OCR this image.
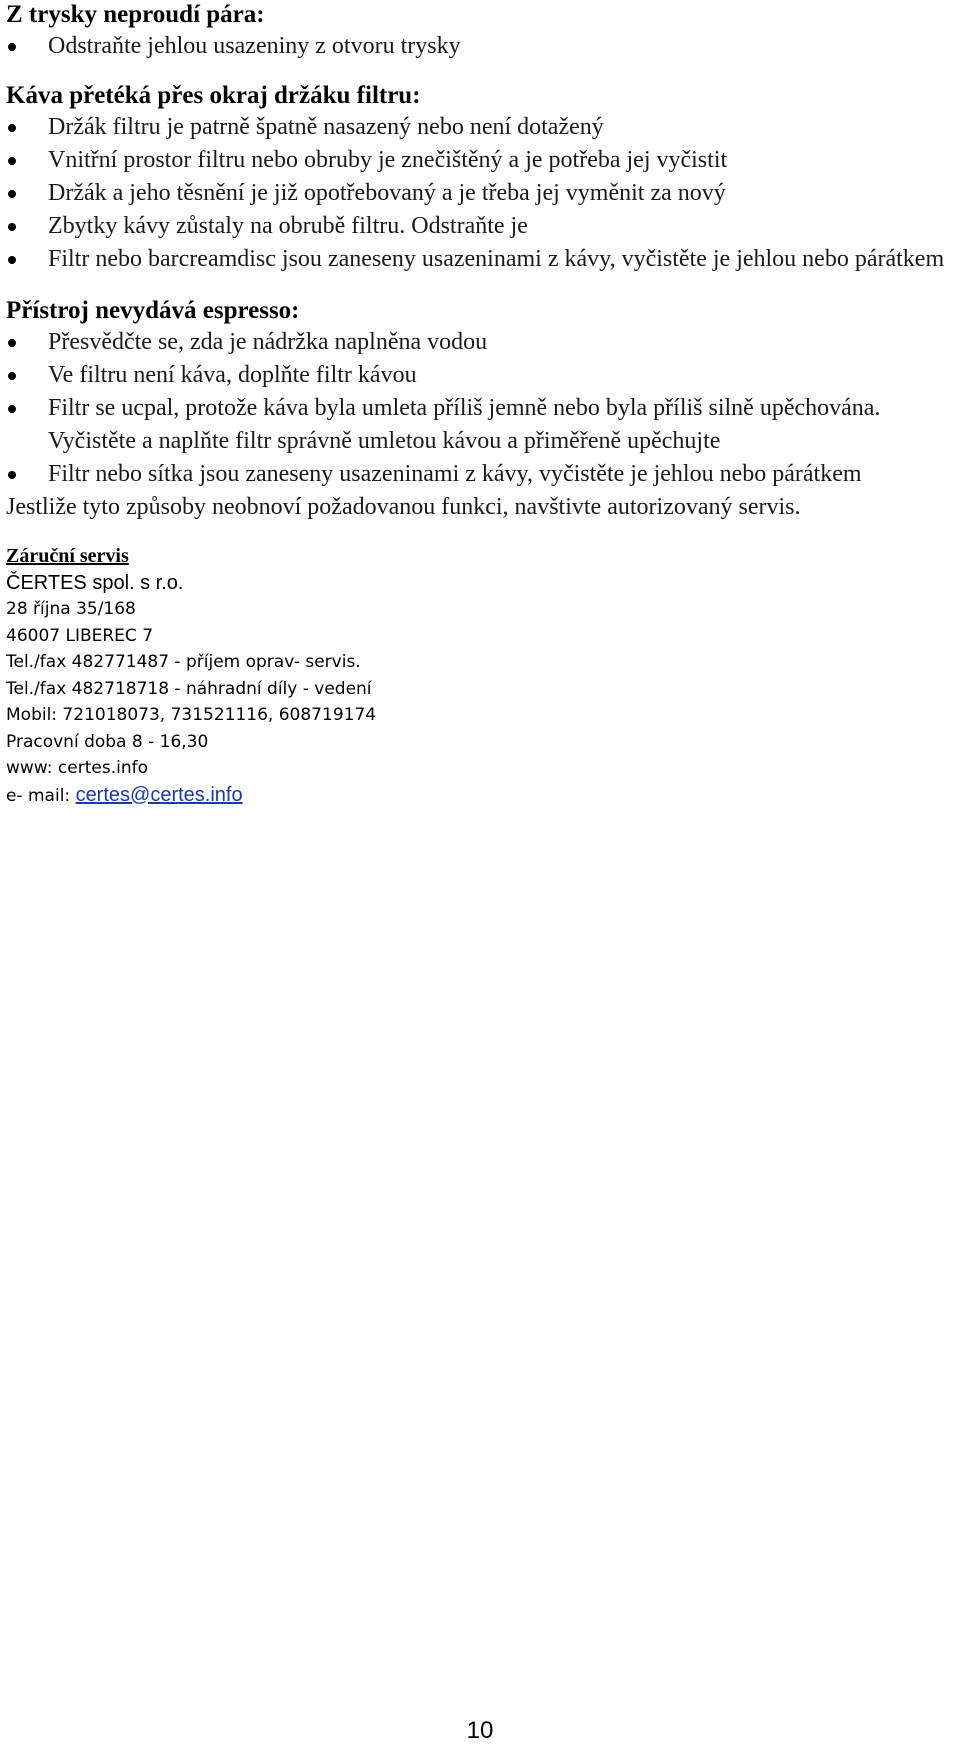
Z trysky neproudí pára:

Odstraňte jehlou usazeniny z otvoru trysky

Káva přetéká přes okraj držáku filtru:

Držák filtru je patrně špatně nasazený nebo není dotažený
Vnitřní prostor filtru nebo obruby je znečištěný a je potřeba jej vyčistit
Držák a jeho těsnění je již opotřebovaný a je třeba jej vyměnit za nový
Zbytky kávy zůstaly na obrubě filtru. Odstraňte je
Filtr nebo barcreamdisc jsou zaneseny usazeninami z kávy, vyčistěte je jehlou nebo párátkem

Přístroj nevydává espresso:

Přesvědčte se, zda je nádržka naplněna vodou
Ve filtru není káva, doplňte filtr kávou
Filtr se ucpal, protože káva byla umleta příliš jemně nebo byla příliš silně upěchována. Vyčistěte a naplňte filtr správně umletou kávou a přiměřeně upěchujte
Filtr nebo sítka jsou zaneseny usazeninami z kávy, vyčistěte je jehlou nebo párátkem

Jestliže tyto způsoby neobnoví požadovanou funkci, navštivte autorizovaný servis.

Záruční servis
ČERTES spol. s r.o.
28 října 35/168
46007 LIBEREC 7
Tel./fax 482771487 - příjem oprav- servis.
Tel./fax 482718718 - náhradní díly - vedení
Mobil: 721018073, 731521116, 608719174
Pracovní doba 8 - 16,30
www: certes.info
e- mail: certes@certes.info
10
